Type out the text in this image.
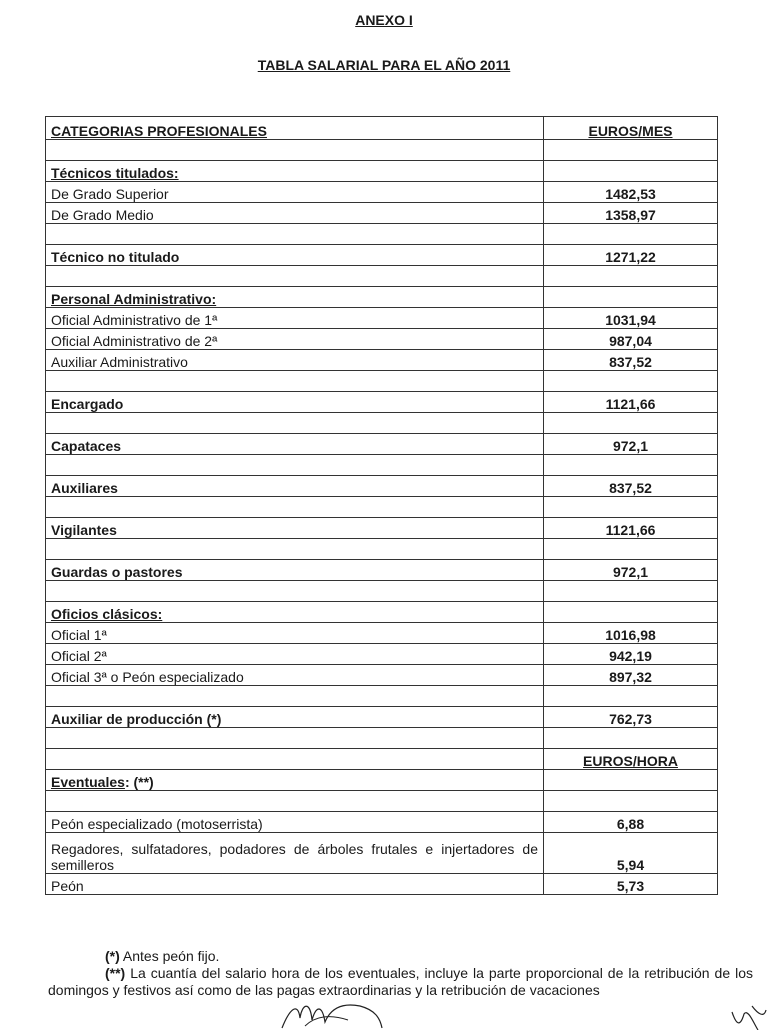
ANEXO I
TABLA SALARIAL PARA EL AÑO 2011
CATEGORIAS PROFESIONALES	EUROS/MES

Técnicos titulados:	
De Grado Superior	1482,53
De Grado Medio	1358,97

Técnico no titulado	1271,22

Personal Administrativo:	
Oficial Administrativo de 1ª	1031,94
Oficial Administrativo de 2ª	987,04
Auxiliar Administrativo	837,52

Encargado	1121,66

Capataces	972,1

Auxiliares	837,52

Vigilantes	1121,66

Guardas o pastores	972,1

Oficios clásicos:	
Oficial 1ª	1016,98
Oficial 2ª	942,19
Oficial 3ª o Peón especializado	897,32

Auxiliar de producción (*)	762,73

	EUROS/HORA
Eventuales: (**)	

Peón especializado (motoserrista)	6,88
Regadores, sulfatadores, podadores de árboles frutales e injertadores de semilleros	5,94
Peón	5,73
(*) Antes peón fijo.
(**) La cuantía del salario hora de los eventuales, incluye la parte proporcional de la retribución de los domingos y festivos así como de las pagas extraordinarias y la retribución de vacaciones
